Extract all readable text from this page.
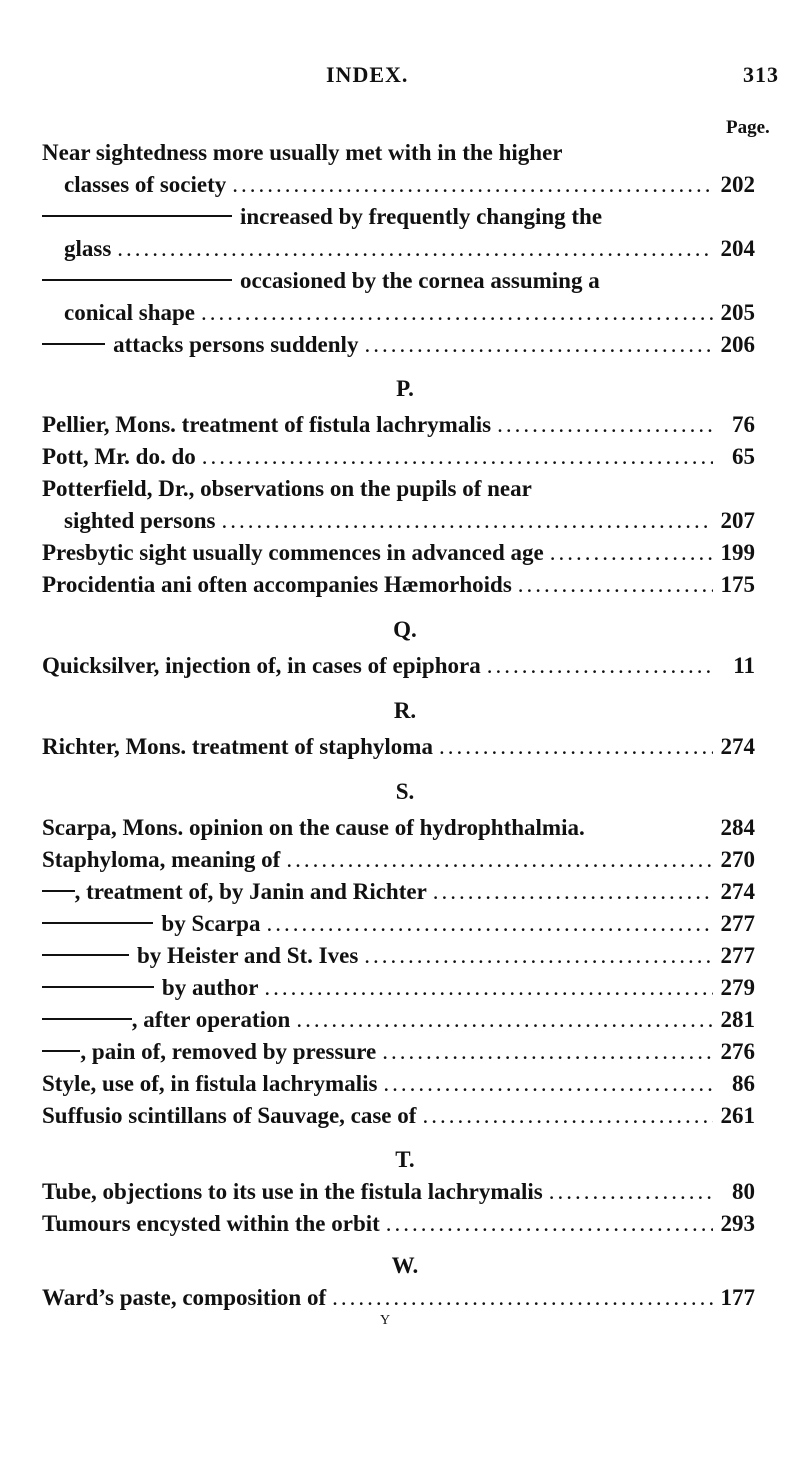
INDEX.	313
Page.
Near sightedness more usually met with in the higher
classes of society .....	202
increased by frequently changing the
glass .....	204
occasioned by the cornea assuming a
conical shape .....	205
attacks persons suddenly .....	206
P.
Pellier, Mons. treatment of fistula lachrymalis .....	76
Pott, Mr. do. do .....	65
Potterfield, Dr., observations on the pupils of near
sighted persons .....	207
Presbytic sight usually commences in advanced age .....	199
Procidentia ani often accompanies Hæmorhoids .....	175
Q.
Quicksilver, injection of, in cases of epiphora .....	11
R.
Richter, Mons. treatment of staphyloma .....	274
S.
Scarpa, Mons. opinion on the cause of hydrophthalmia.	284
Staphyloma, meaning of .....	270
, treatment of, by Janin and Richter .....	274
by Scarpa .....	277
by Heister and St. Ives .....	277
by author .....	279
, after operation .....	281
, pain of, removed by pressure .....	276
Style, use of, in fistula lachrymalis .....	86
Suffusio scintillans of Sauvage, case of .....	261
T.
Tube, objections to its use in the fistula lachrymalis .....	80
Tumours encysted within the orbit .....	293
W.
Ward’s paste, composition of .....	177
Y
